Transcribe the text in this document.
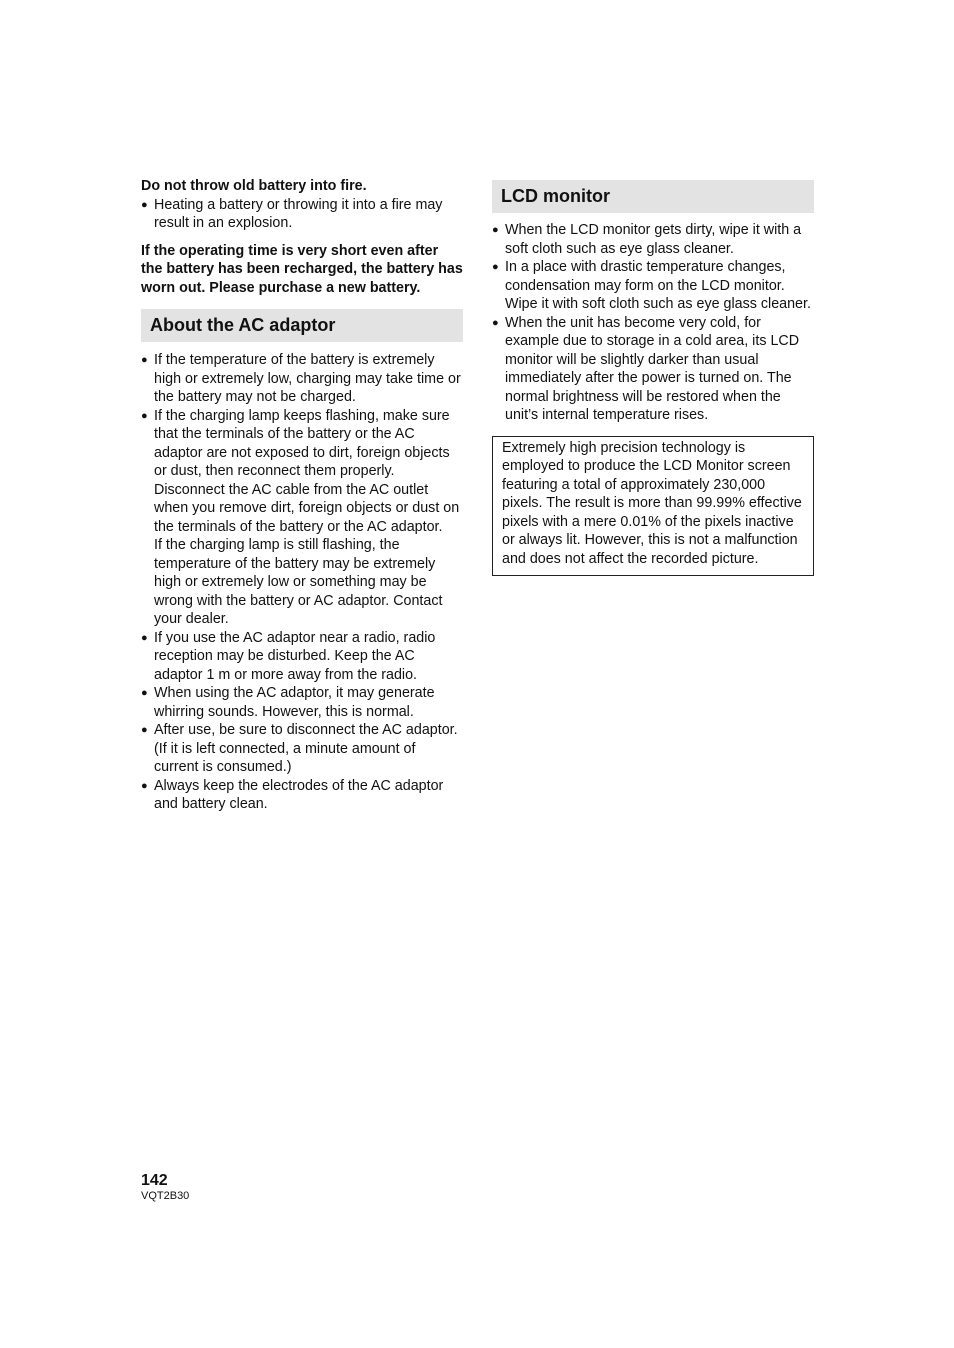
Do not throw old battery into fire.

● Heating a battery or throwing it into a fire may result in an explosion.

If the operating time is very short even after the battery has been recharged, the battery has worn out. Please purchase a new battery.

About the AC adaptor
● If the temperature of the battery is extremely high or extremely low, charging may take time or the battery may not be charged.
● If the charging lamp keeps flashing, make sure that the terminals of the battery or the AC adaptor are not exposed to dirt, foreign objects or dust, then reconnect them properly.
Disconnect the AC cable from the AC outlet when you remove dirt, foreign objects or dust on the terminals of the battery or the AC adaptor.
If the charging lamp is still flashing, the temperature of the battery may be extremely high or extremely low or something may be wrong with the battery or AC adaptor. Contact your dealer.
● If you use the AC adaptor near a radio, radio reception may be disturbed. Keep the AC adaptor 1 m or more away from the radio.
● When using the AC adaptor, it may generate whirring sounds. However, this is normal.
● After use, be sure to disconnect the AC adaptor. (If it is left connected, a minute amount of current is consumed.)
● Always keep the electrodes of the AC adaptor and battery clean.
LCD monitor
● When the LCD monitor gets dirty, wipe it with a soft cloth such as eye glass cleaner.
● In a place with drastic temperature changes, condensation may form on the LCD monitor. Wipe it with soft cloth such as eye glass cleaner.
● When the unit has become very cold, for example due to storage in a cold area, its LCD monitor will be slightly darker than usual immediately after the power is turned on. The normal brightness will be restored when the unit’s internal temperature rises.

Extremely high precision technology is employed to produce the LCD Monitor screen featuring a total of approximately 230,000 pixels. The result is more than 99.99% effective pixels with a mere 0.01% of the pixels inactive or always lit. However, this is not a malfunction and does not affect the recorded picture.

142
VQT2B30
